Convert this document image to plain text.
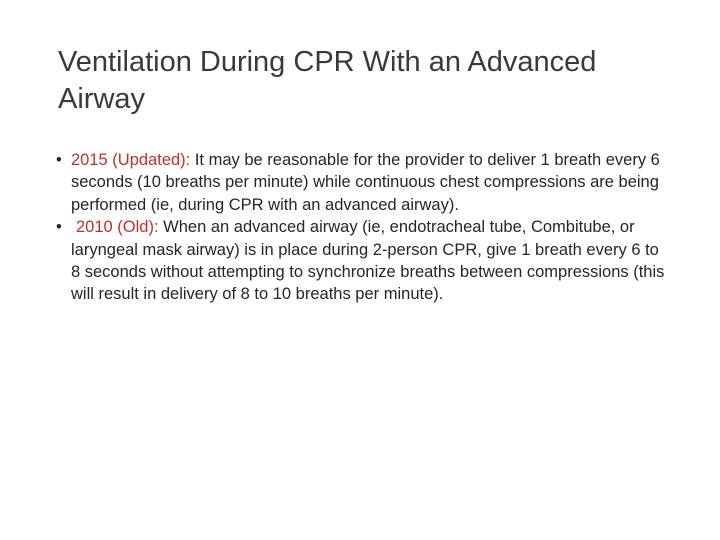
Ventilation During CPR With an Advanced Airway
• 2015 (Updated): It may be reasonable for the provider to deliver 1 breath every 6 seconds (10 breaths per minute) while continuous chest compressions are being performed (ie, during CPR with an advanced airway).
• 2010 (Old): When an advanced airway (ie, endotracheal tube, Combitube, or laryngeal mask airway) is in place during 2-person CPR, give 1 breath every 6 to 8 seconds without attempting to synchronize breaths between compressions (this will result in delivery of 8 to 10 breaths per minute).
